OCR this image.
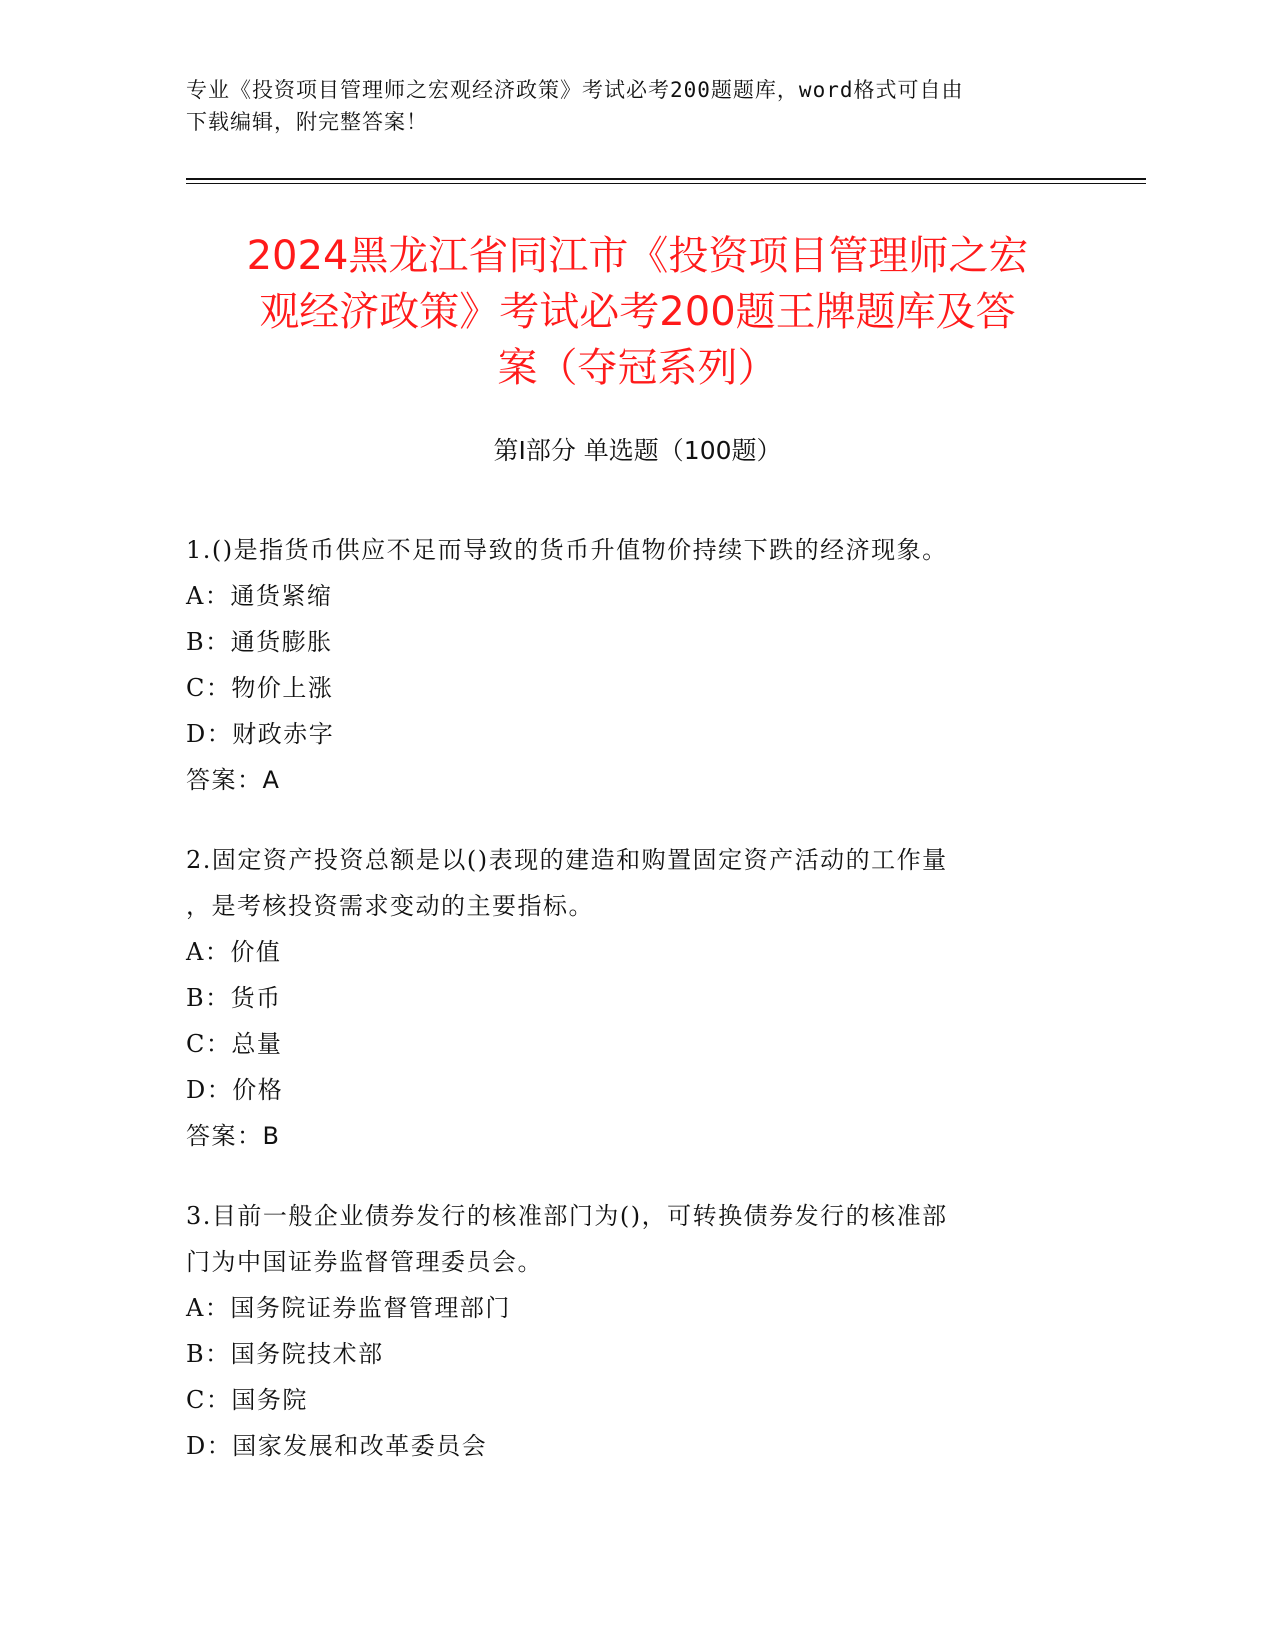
专业《投资项目管理师之宏观经济政策》考试必考200题题库，word格式可自由
下载编辑，附完整答案！
2024黑龙江省同江市《投资项目管理师之宏
观经济政策》考试必考200题王牌题库及答
案（夺冠系列）
第Ⅰ部分 单选题（100题）
1.()是指货币供应不足而导致的货币升值物价持续下跌的经济现象。
A：通货紧缩
B：通货膨胀
C：物价上涨
D：财政赤字
答案：A
2.固定资产投资总额是以()表现的建造和购置固定资产活动的工作量
，是考核投资需求变动的主要指标。
A：价值
B：货币
C：总量
D：价格
答案：B
3.目前一般企业债券发行的核准部门为()，可转换债券发行的核准部
门为中国证券监督管理委员会。
A：国务院证券监督管理部门
B：国务院技术部
C：国务院
D：国家发展和改革委员会
